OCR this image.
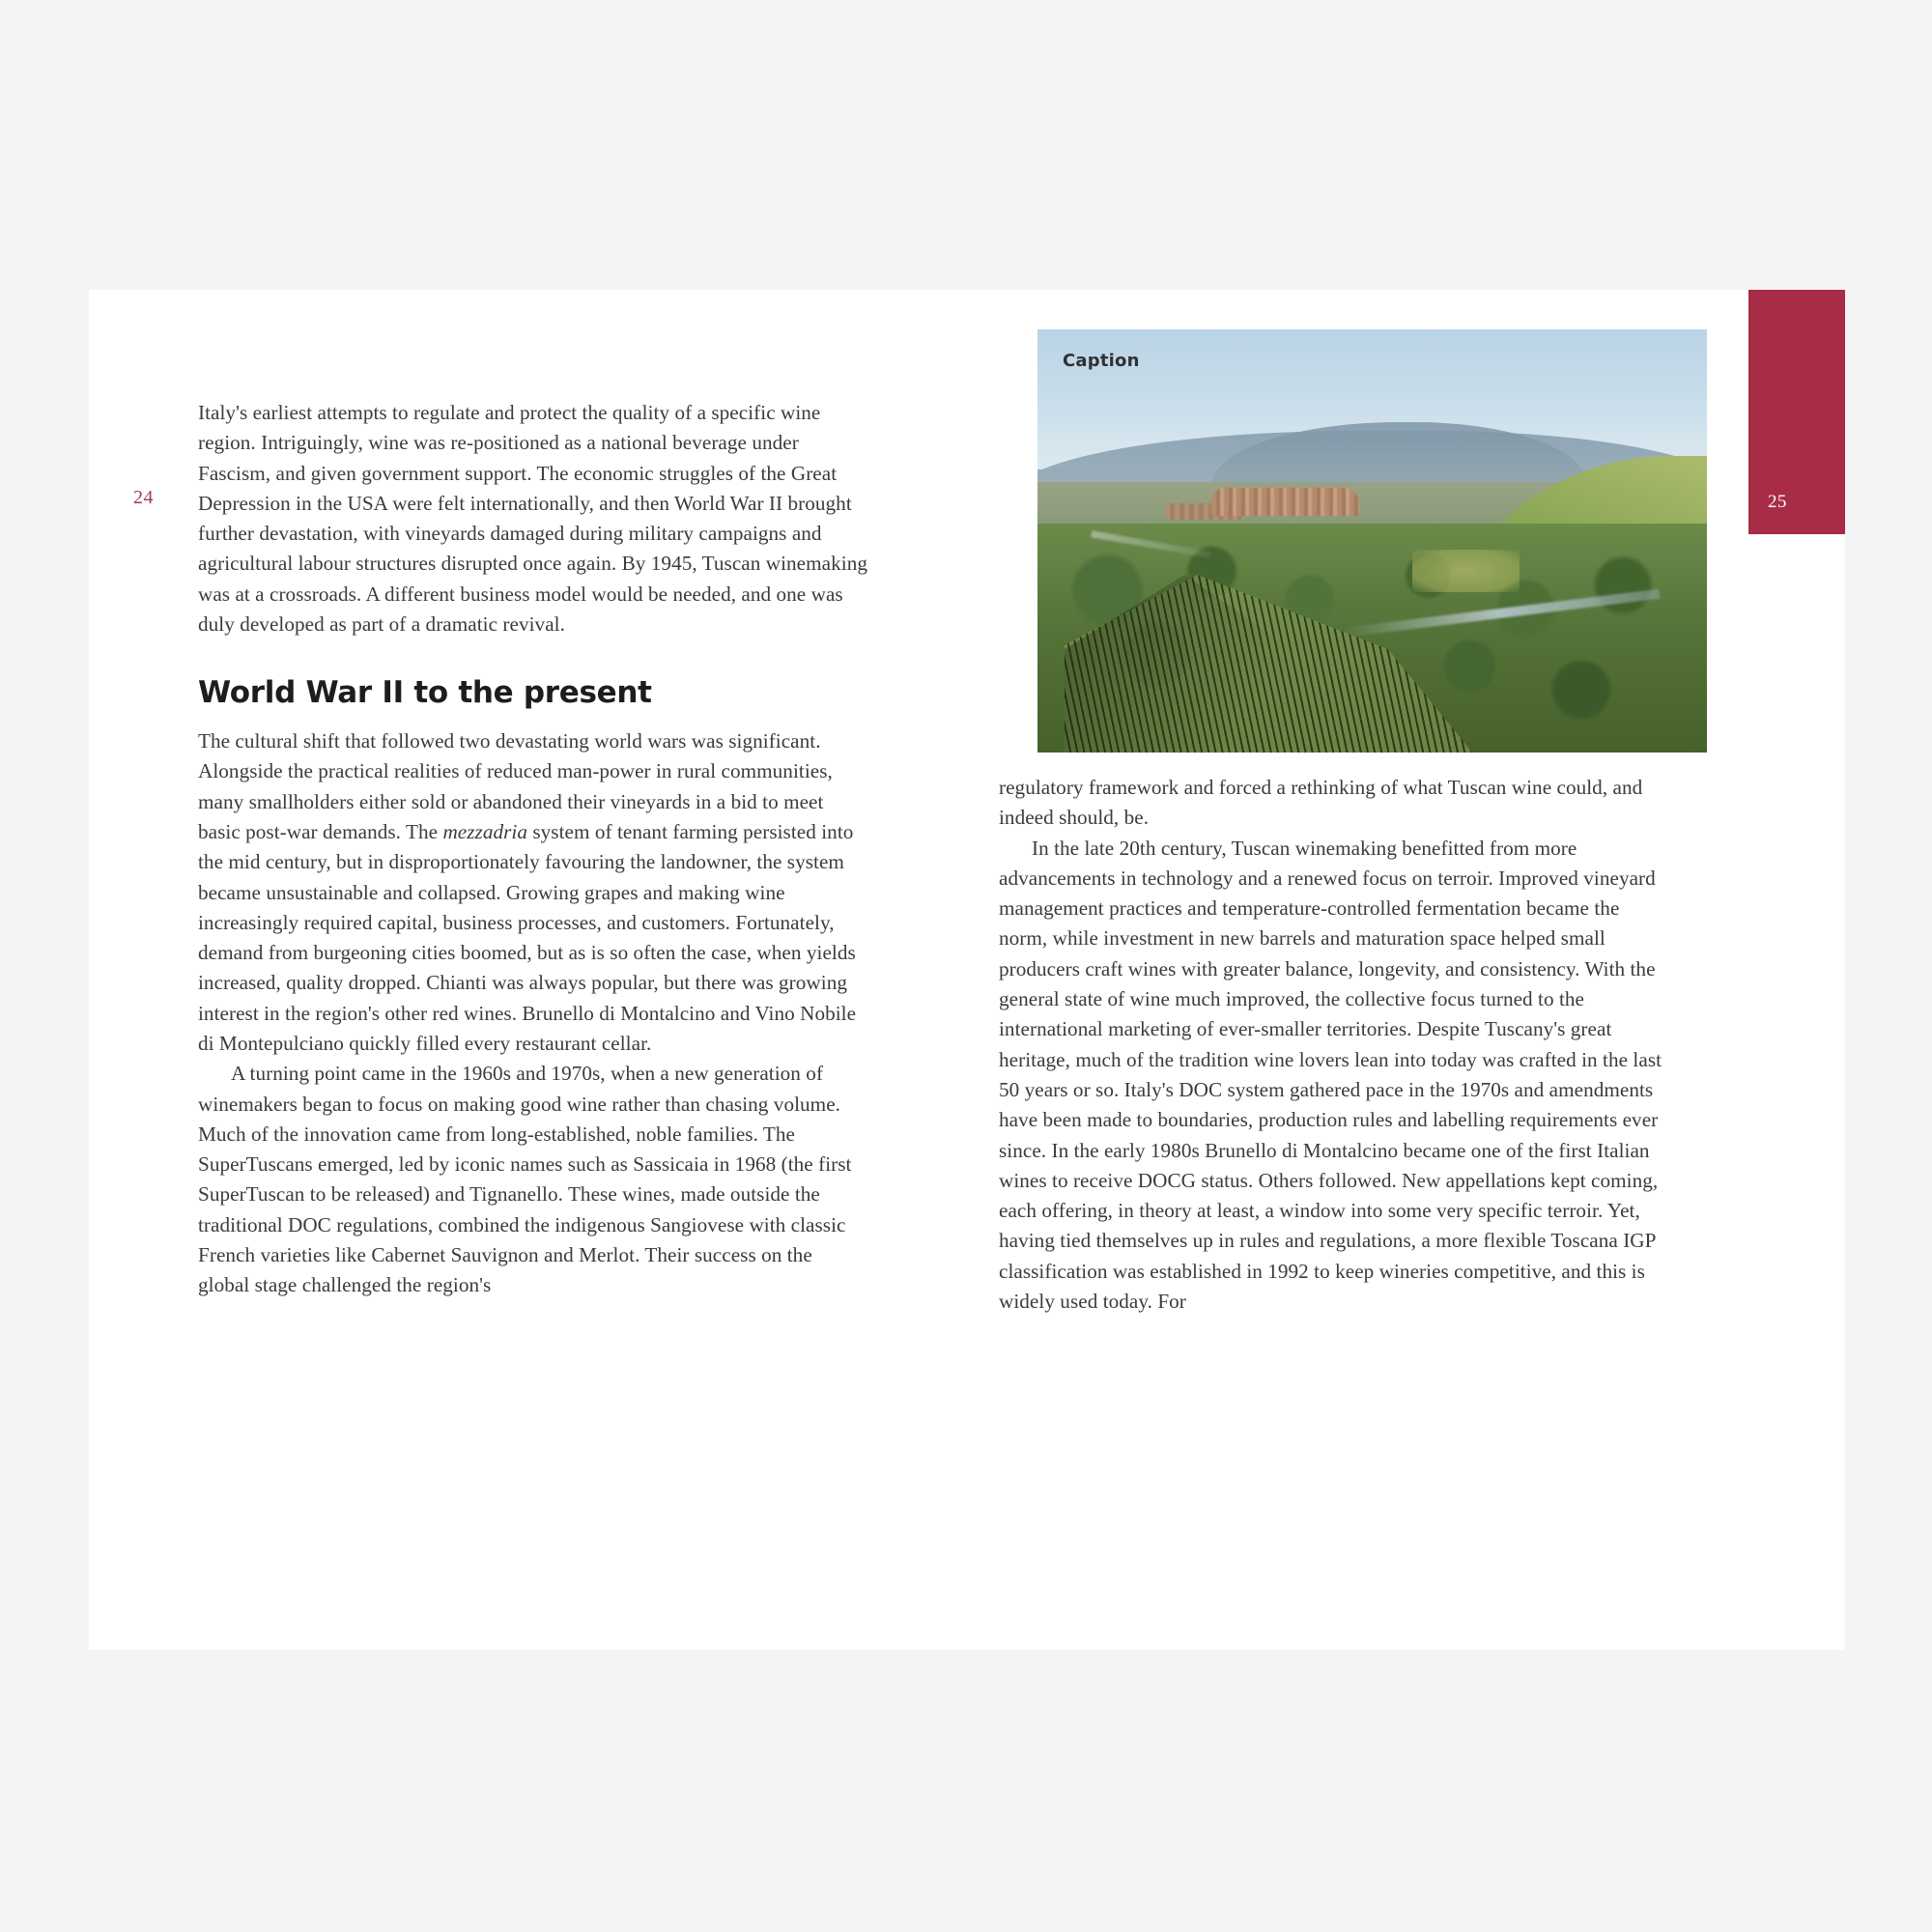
24

Italy's earliest attempts to regulate and protect the quality of a specific wine region. Intriguingly, wine was re-positioned as a national beverage under Fascism, and given government support. The economic struggles of the Great Depression in the USA were felt internationally, and then World War II brought further devastation, with vineyards damaged during military campaigns and agricultural labour structures disrupted once again. By 1945, Tuscan winemaking was at a crossroads. A different business model would be needed, and one was duly developed as part of a dramatic revival.

World War II to the present

The cultural shift that followed two devastating world wars was significant. Alongside the practical realities of reduced man-power in rural communities, many smallholders either sold or abandoned their vineyards in a bid to meet basic post-war demands. The mezzadria system of tenant farming persisted into the mid century, but in disproportionately favouring the landowner, the system became unsustainable and collapsed. Growing grapes and making wine increasingly required capital, business processes, and customers. Fortunately, demand from burgeoning cities boomed, but as is so often the case, when yields increased, quality dropped. Chianti was always popular, but there was growing interest in the region's other red wines. Brunello di Montalcino and Vino Nobile di Montepulciano quickly filled every restaurant cellar.

A turning point came in the 1960s and 1970s, when a new generation of winemakers began to focus on making good wine rather than chasing volume. Much of the innovation came from long-established, noble families. The SuperTuscans emerged, led by iconic names such as Sassicaia in 1968 (the first SuperTuscan to be released) and Tignanello. These wines, made outside the traditional DOC regulations, combined the indigenous Sangiovese with classic French varieties like Cabernet Sauvignon and Merlot. Their success on the global stage challenged the region's

Caption

regulatory framework and forced a rethinking of what Tuscan wine could, and indeed should, be.

In the late 20th century, Tuscan winemaking benefitted from more advancements in technology and a renewed focus on terroir. Improved vineyard management practices and temperature-controlled fermentation became the norm, while investment in new barrels and maturation space helped small producers craft wines with greater balance, longevity, and consistency. With the general state of wine much improved, the collective focus turned to the international marketing of ever-smaller territories. Despite Tuscany's great heritage, much of the tradition wine lovers lean into today was crafted in the last 50 years or so. Italy's DOC system gathered pace in the 1970s and amendments have been made to boundaries, production rules and labelling requirements ever since. In the early 1980s Brunello di Montalcino became one of the first Italian wines to receive DOCG status. Others followed. New appellations kept coming, each offering, in theory at least, a window into some very specific terroir. Yet, having tied themselves up in rules and regulations, a more flexible Toscana IGP classification was established in 1992 to keep wineries competitive, and this is widely used today. For

25
